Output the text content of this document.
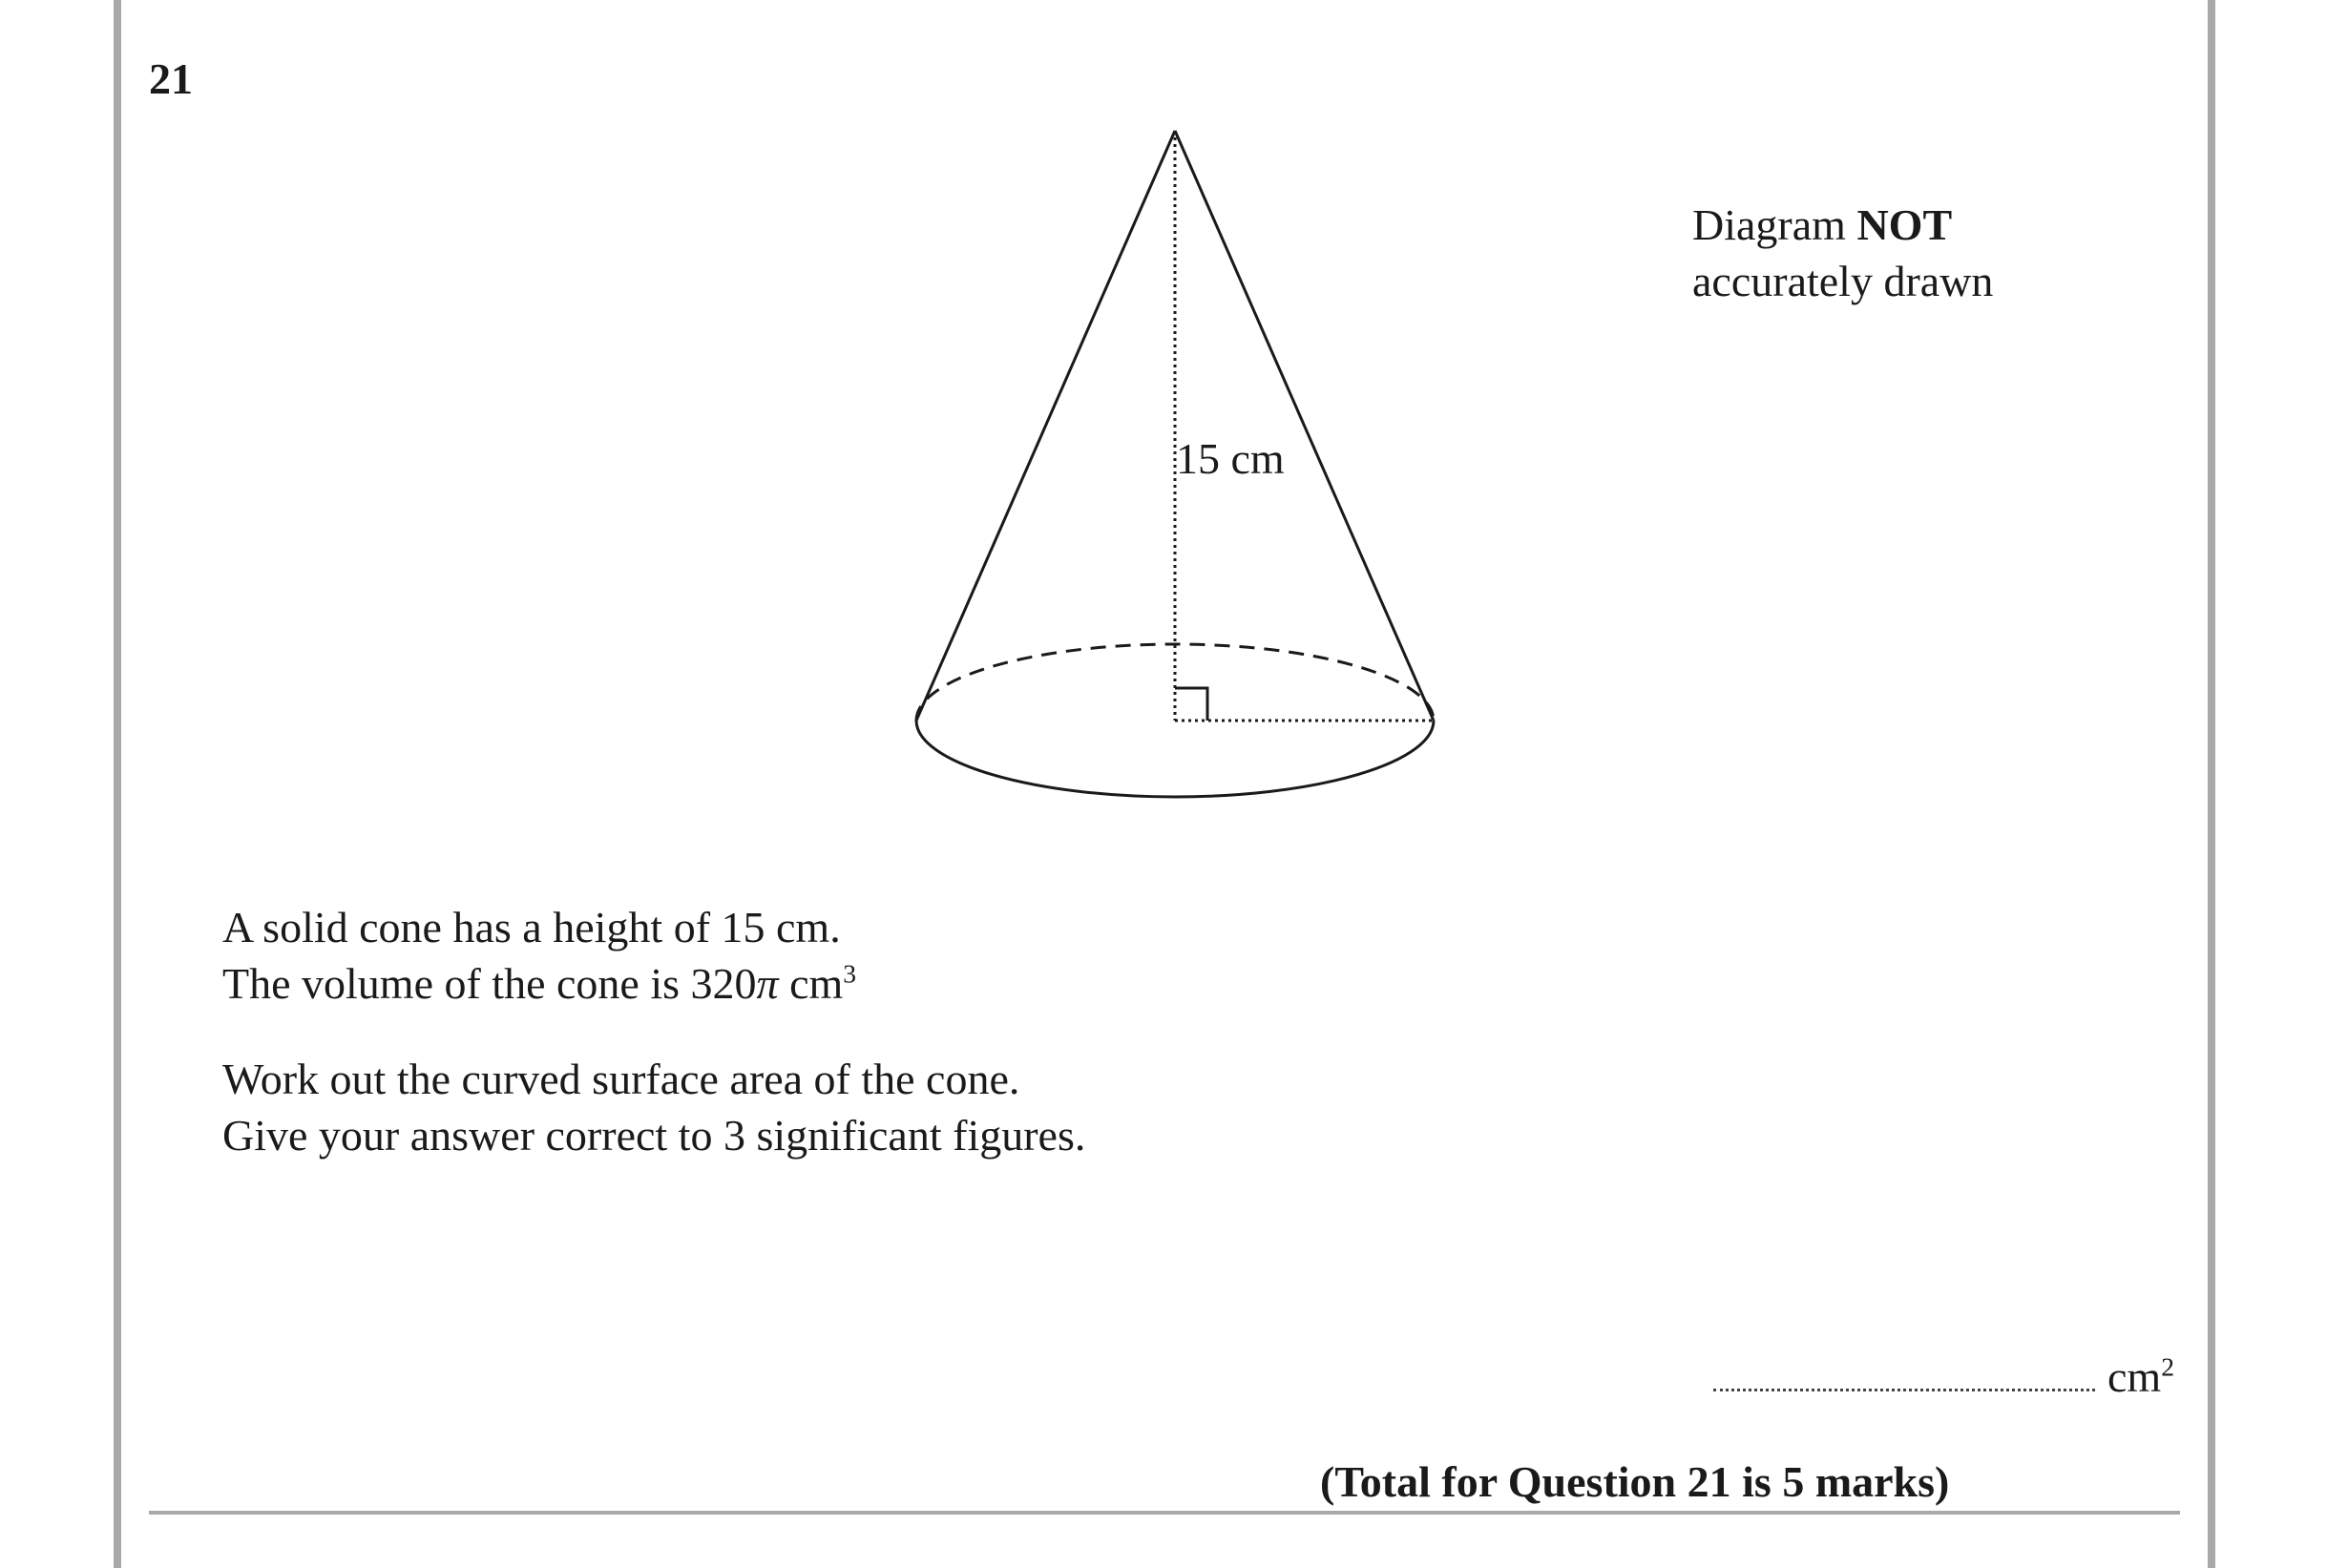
21
Diagram NOT
accurately drawn
15 cm
A solid cone has a height of 15 cm.
The volume of the cone is 320π $cm^3$
Work out the curved surface area of the cone.
Give your answer correct to 3 significant figures.
$cm^2$
(Total for Question 21 is 5 marks)
